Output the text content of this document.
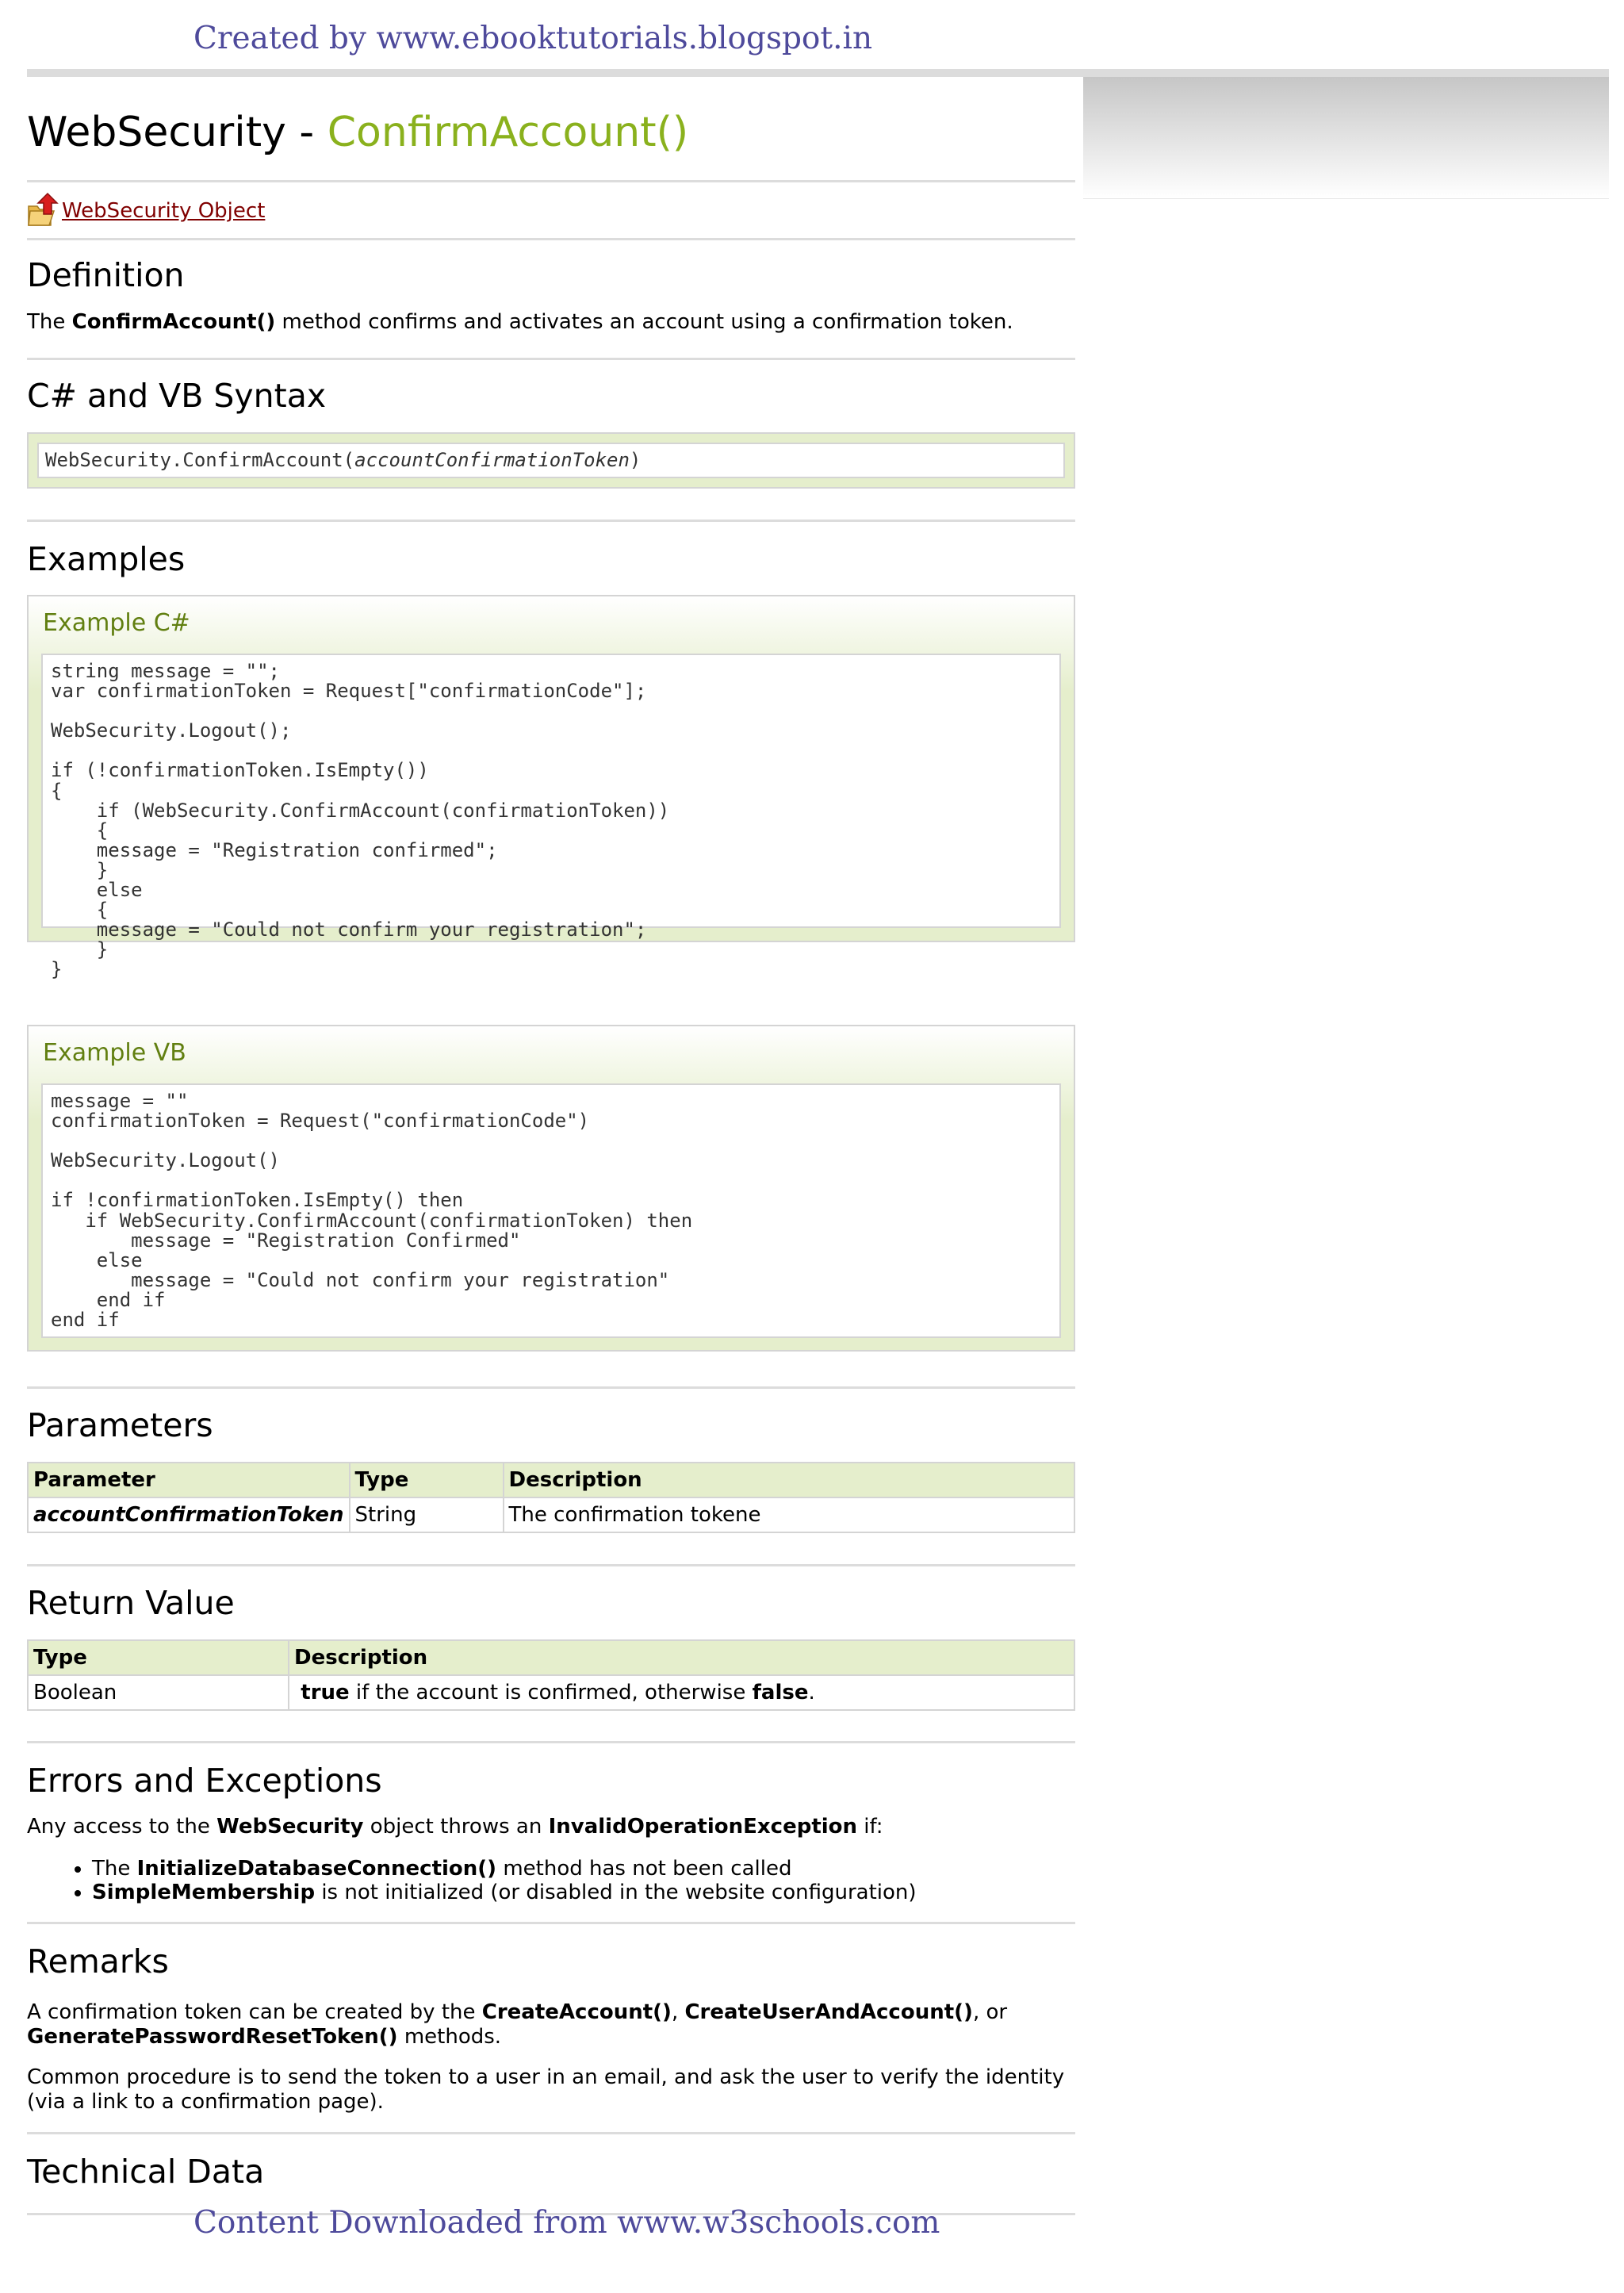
Created by www.ebooktutorials.blogspot.in
WebSecurity - ConfirmAccount()
WebSecurity Object
Definition
The ConfirmAccount() method confirms and activates an account using a confirmation token.
C# and VB Syntax
WebSecurity.ConfirmAccount(accountConfirmationToken)
Examples
Example C#
string message = "";
var confirmationToken = Request["confirmationCode"];

WebSecurity.Logout();

if (!confirmationToken.IsEmpty())
{
if (WebSecurity.ConfirmAccount(confirmationToken))
{
message = "Registration confirmed";
}
else
{
message = "Could not confirm your registration";
}
}
Example VB
message = ""
confirmationToken = Request("confirmationCode")

WebSecurity.Logout()

if !confirmationToken.IsEmpty() then
if WebSecurity.ConfirmAccount(confirmationToken) then
message = "Registration Confirmed"
else
message = "Could not confirm your registration"
end if
end if
Parameters
Parameter	Type	Description
accountConfirmationToken	String	The confirmation tokene
Return Value
Type	Description
Boolean	true if the account is confirmed, otherwise false.
Errors and Exceptions
Any access to the WebSecurity object throws an InvalidOperationException if:
• The InitializeDatabaseConnection() method has not been called
• SimpleMembership is not initialized (or disabled in the website configuration)
Remarks
A confirmation token can be created by the CreateAccount(), CreateUserAndAccount(), or
GeneratePasswordResetToken() methods.
Common procedure is to send the token to a user in an email, and ask the user to verify the identity (via a link to a confirmation page).
Technical Data
Content Downloaded from www.w3schools.com
